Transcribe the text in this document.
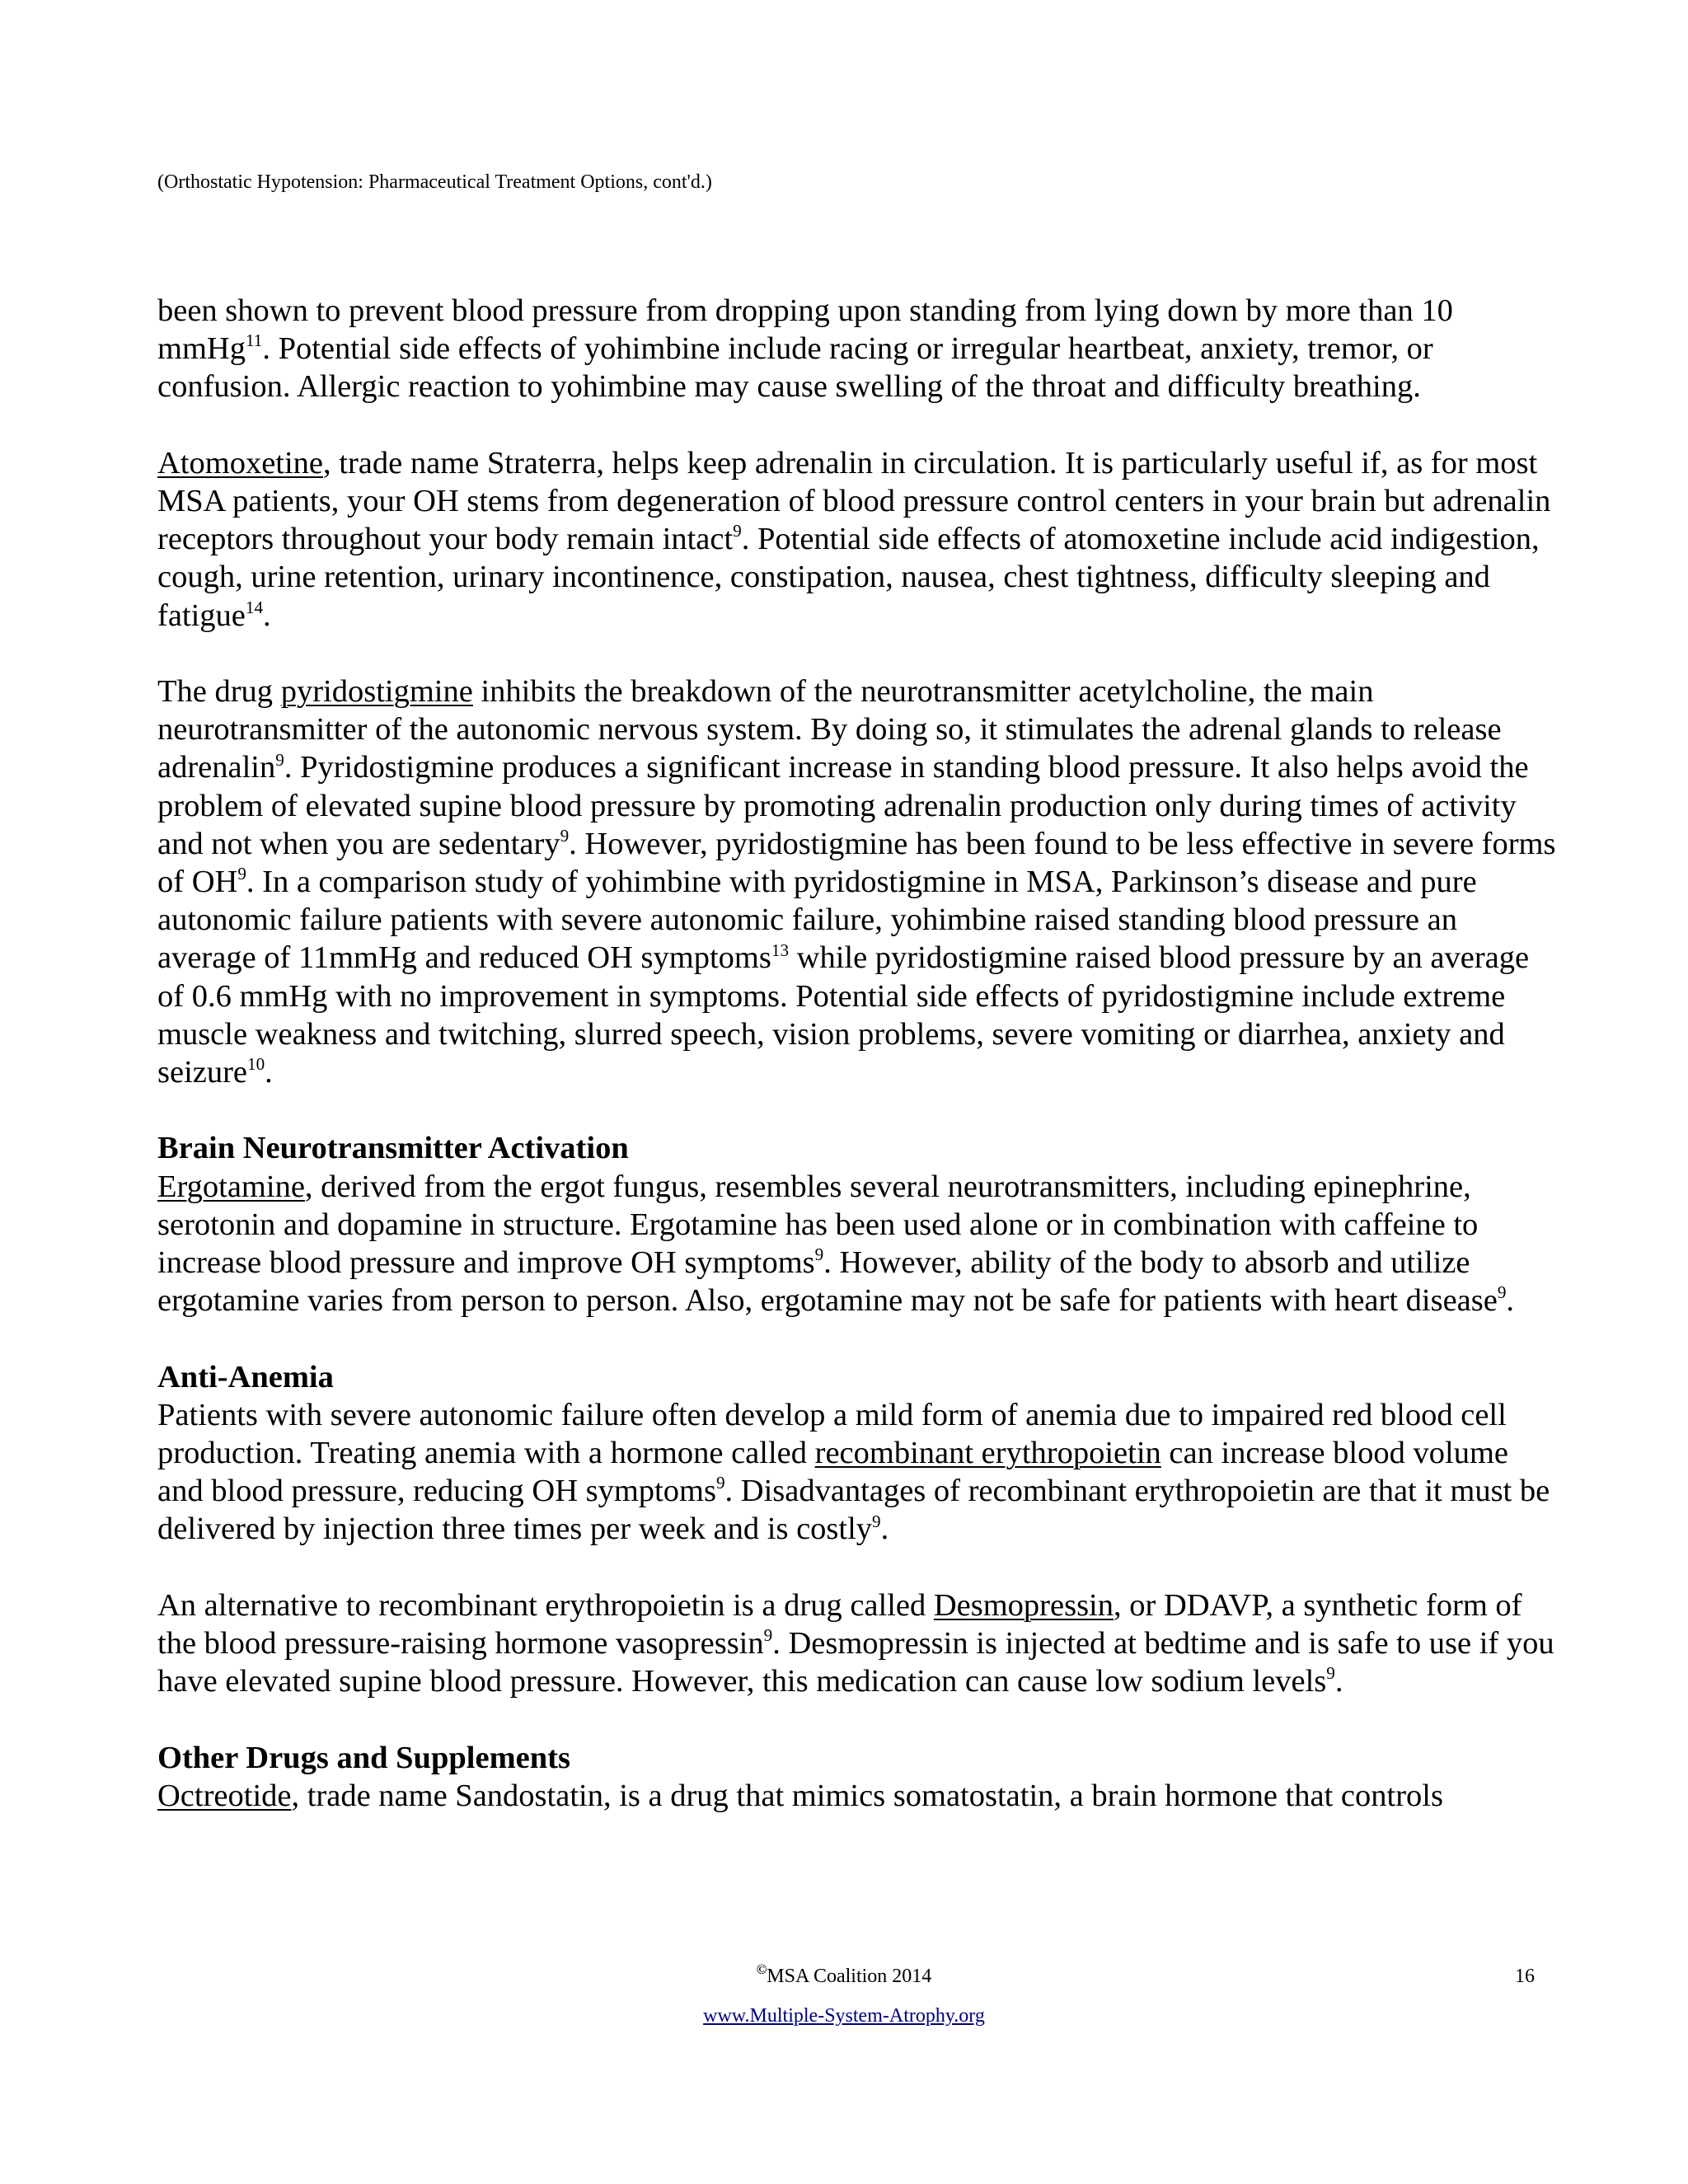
(Orthostatic Hypotension: Pharmaceutical Treatment Options, cont'd.)

been shown to prevent blood pressure from dropping upon standing from lying down by more than 10 mmHg$^{11}$. Potential side effects of yohimbine include racing or irregular heartbeat, anxiety, tremor, or confusion. Allergic reaction to yohimbine may cause swelling of the throat and difficulty breathing.

Atomoxetine, trade name Straterra, helps keep adrenalin in circulation. It is particularly useful if, as for most MSA patients, your OH stems from degeneration of blood pressure control centers in your brain but adrenalin receptors throughout your body remain intact$^9$. Potential side effects of atomoxetine include acid indigestion, cough, urine retention, urinary incontinence, constipation, nausea, chest tightness, difficulty sleeping and fatigue$^{14}$.

The drug pyridostigmine inhibits the breakdown of the neurotransmitter acetylcholine, the main neurotransmitter of the autonomic nervous system. By doing so, it stimulates the adrenal glands to release adrenalin$^9$. Pyridostigmine produces a significant increase in standing blood pressure. It also helps avoid the problem of elevated supine blood pressure by promoting adrenalin production only during times of activity and not when you are sedentary$^9$. However, pyridostigmine has been found to be less effective in severe forms of $OH^9$. In a comparison study of yohimbine with pyridostigmine in MSA, Parkinson’s disease and pure autonomic failure patients with severe autonomic failure, yohimbine raised standing blood pressure an average of 11mmHg and reduced OH symptoms$^{13}$ while pyridostigmine raised blood pressure by an average of 0.6 mmHg with no improvement in symptoms. Potential side effects of pyridostigmine include extreme muscle weakness and twitching, slurred speech, vision problems, severe vomiting or diarrhea, anxiety and seizure$^{10}$.

Brain Neurotransmitter Activation
Ergotamine, derived from the ergot fungus, resembles several neurotransmitters, including epinephrine, serotonin and dopamine in structure. Ergotamine has been used alone or in combination with caffeine to increase blood pressure and improve OH symptoms$^9$. However, ability of the body to absorb and utilize ergotamine varies from person to person. Also, ergotamine may not be safe for patients with heart disease$^9$.
Anti-Anemia
Patients with severe autonomic failure often develop a mild form of anemia due to impaired red blood cell production. Treating anemia with a hormone called recombinant erythropoietin can increase blood volume and blood pressure, reducing OH symptoms$^9$. Disadvantages of recombinant erythropoietin are that it must be delivered by injection three times per week and is costly$^9$.

An alternative to recombinant erythropoietin is a drug called Desmopressin, or DDAVP, a synthetic form of the blood pressure-raising hormone vasopressin$^9$. Desmopressin is injected at bedtime and is safe to use if you have elevated supine blood pressure. However, this medication can cause low sodium levels$^9$.

Other Drugs and Supplements
Octreotide, trade name Sandostatin, is a drug that mimics somatostatin, a brain hormone that controls
©MSA Coalition 2014	16
www.Multiple-System-Atrophy.org
